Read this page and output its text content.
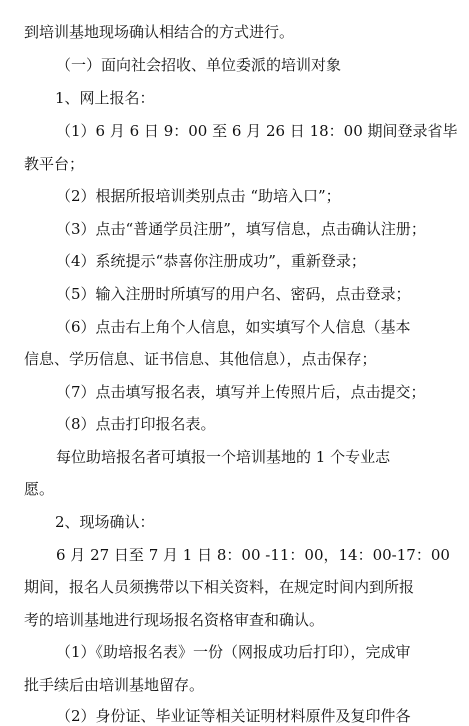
到培训基地现场确认相结合的方式进行。
（一）面向社会招收、单位委派的培训对象
1、网上报名：
（1）6 月 6 日 9：00 至 6 月 26 日 18：00 期间登录省毕
教平台；
（2）根据所报培训类别点击 “助培入口”；
（3）点击“普通学员注册”，填写信息，点击确认注册；
（4）系统提示“恭喜你注册成功”，重新登录；
（5）输入注册时所填写的用户名、密码，点击登录；
（6）点击右上角个人信息，如实填写个人信息（基本
信息、学历信息、证书信息、其他信息），点击保存；
（7）点击填写报名表，填写并上传照片后，点击提交；
（8）点击打印报名表。
每位助培报名者可填报一个培训基地的 1 个专业志
愿。
2、现场确认：
6 月 27 日至 7 月 1 日 8：00 -11：00，14：00-17：00
期间，报名人员须携带以下相关资料，在规定时间内到所报
考的培训基地进行现场报名资格审查和确认。
（1）《助培报名表》一份（网报成功后打印），完成审
批手续后由培训基地留存。
（2）身份证、毕业证等相关证明材料原件及复印件各
